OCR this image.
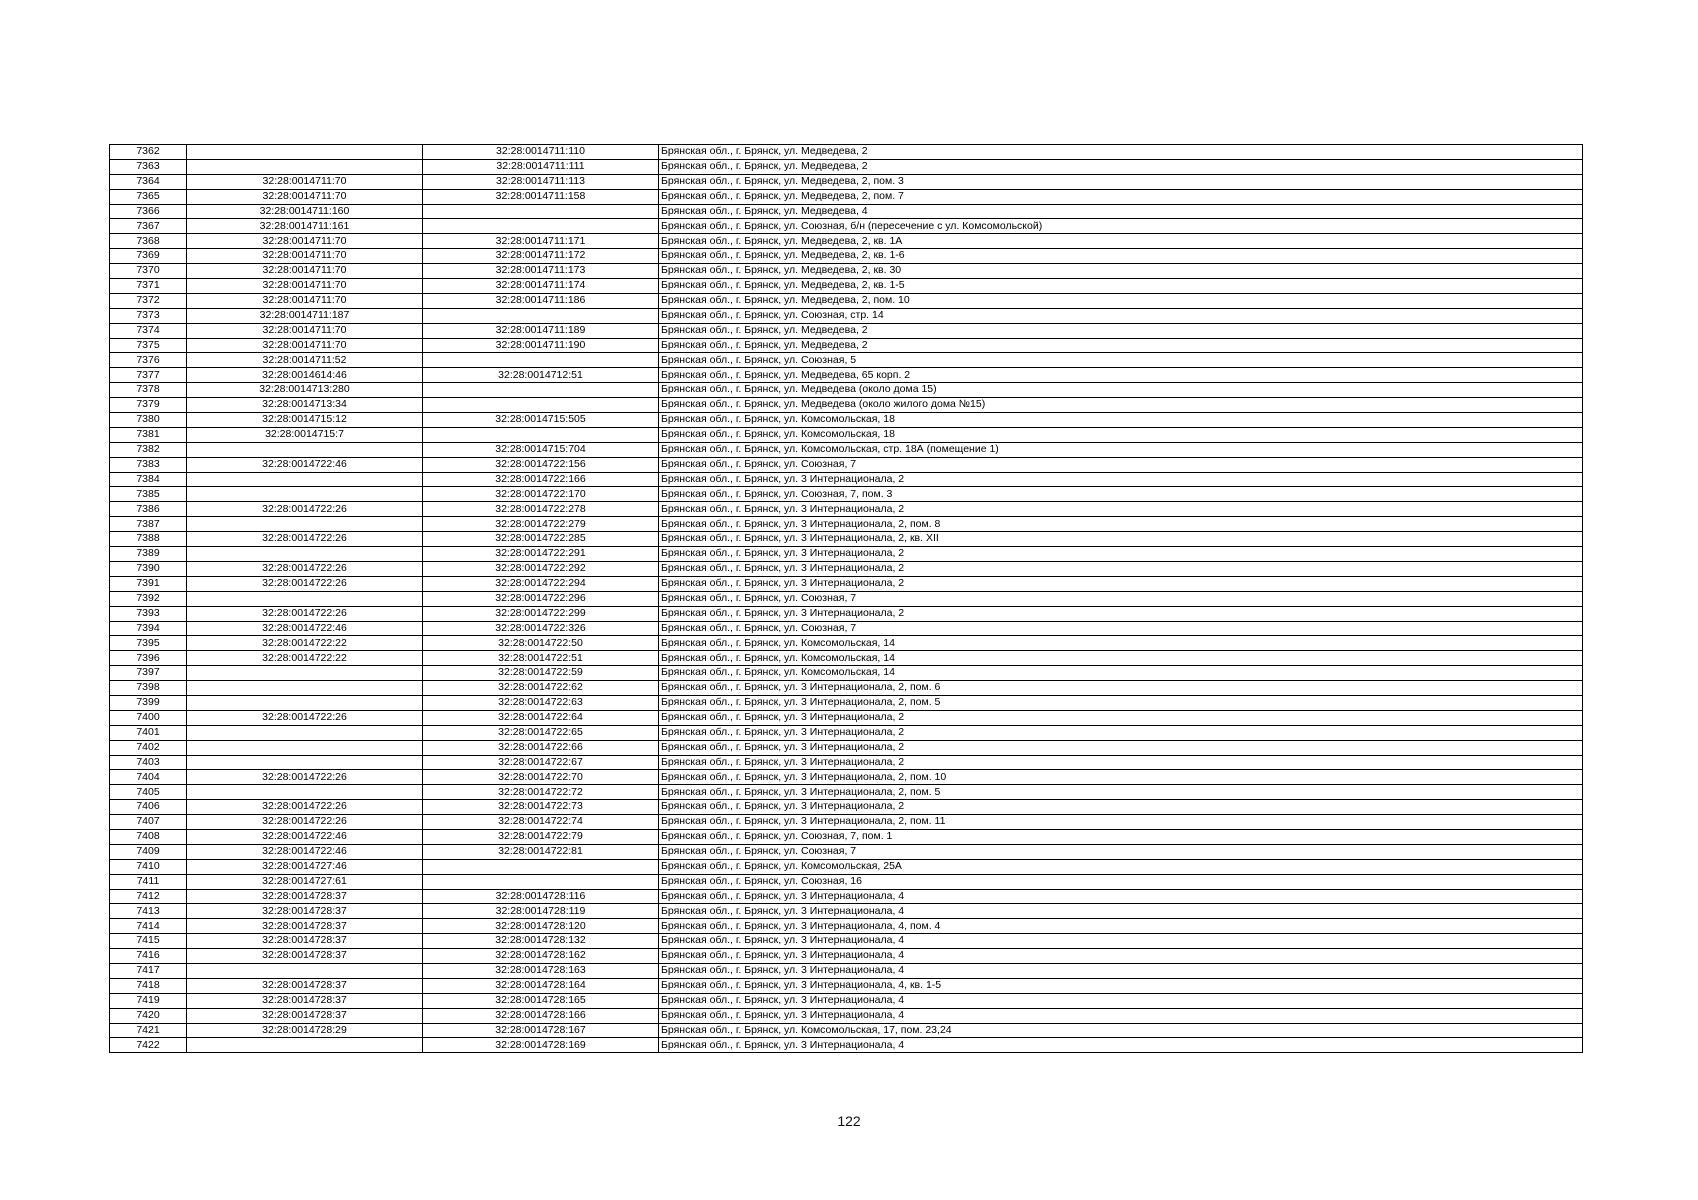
7362		32:28:0014711:110	Брянская обл., г. Брянск, ул. Медведева, 2
7363		32:28:0014711:111	Брянская обл., г. Брянск, ул. Медведева, 2
7364	32:28:0014711:70	32:28:0014711:113	Брянская обл., г. Брянск, ул. Медведева, 2, пом. 3
7365	32:28:0014711:70	32:28:0014711:158	Брянская обл., г. Брянск, ул. Медведева, 2, пом. 7
7366	32:28:0014711:160		Брянская обл., г. Брянск, ул. Медведева, 4
7367	32:28:0014711:161		Брянская обл., г. Брянск, ул. Союзная, б/н (пересечение с ул. Комсомольской)
7368	32:28:0014711:70	32:28:0014711:171	Брянская обл., г. Брянск, ул. Медведева, 2, кв. 1А
7369	32:28:0014711:70	32:28:0014711:172	Брянская обл., г. Брянск, ул. Медведева, 2, кв. 1-6
7370	32:28:0014711:70	32:28:0014711:173	Брянская обл., г. Брянск, ул. Медведева, 2, кв. 30
7371	32:28:0014711:70	32:28:0014711:174	Брянская обл., г. Брянск, ул. Медведева, 2, кв. 1-5
7372	32:28:0014711:70	32:28:0014711:186	Брянская обл., г. Брянск, ул. Медведева, 2, пом. 10
7373	32:28:0014711:187		Брянская обл., г. Брянск, ул. Союзная, стр. 14
7374	32:28:0014711:70	32:28:0014711:189	Брянская обл., г. Брянск, ул. Медведева, 2
7375	32:28:0014711:70	32:28:0014711:190	Брянская обл., г. Брянск, ул. Медведева, 2
7376	32:28:0014711:52		Брянская обл., г. Брянск, ул. Союзная, 5
7377	32:28:0014614:46	32:28:0014712:51	Брянская обл., г. Брянск, ул. Медведева, 65 корп. 2
7378	32:28:0014713:280		Брянская обл., г. Брянск, ул. Медведева (около дома 15)
7379	32:28:0014713:34		Брянская обл., г. Брянск, ул. Медведева (около жилого дома №15)
7380	32:28:0014715:12	32:28:0014715:505	Брянская обл., г. Брянск, ул. Комсомольская, 18
7381	32:28:0014715:7		Брянская обл., г. Брянск, ул. Комсомольская, 18
7382		32:28:0014715:704	Брянская обл., г. Брянск, ул. Комсомольская, стр. 18А (помещение 1)
7383	32:28:0014722:46	32:28:0014722:156	Брянская обл., г. Брянск, ул. Союзная, 7
7384		32:28:0014722:166	Брянская обл., г. Брянск, ул. 3 Интернационала, 2
7385		32:28:0014722:170	Брянская обл., г. Брянск, ул. Союзная, 7, пом. 3
7386	32:28:0014722:26	32:28:0014722:278	Брянская обл., г. Брянск, ул. 3 Интернационала, 2
7387		32:28:0014722:279	Брянская обл., г. Брянск, ул. 3 Интернационала, 2, пом. 8
7388	32:28:0014722:26	32:28:0014722:285	Брянская обл., г. Брянск, ул. 3 Интернационала, 2, кв. XII
7389		32:28:0014722:291	Брянская обл., г. Брянск, ул. 3 Интернационала, 2
7390	32:28:0014722:26	32:28:0014722:292	Брянская обл., г. Брянск, ул. 3 Интернационала, 2
7391	32:28:0014722:26	32:28:0014722:294	Брянская обл., г. Брянск, ул. 3 Интернационала, 2
7392		32:28:0014722:296	Брянская обл., г. Брянск, ул. Союзная, 7
7393	32:28:0014722:26	32:28:0014722:299	Брянская обл., г. Брянск, ул. 3 Интернационала, 2
7394	32:28:0014722:46	32:28:0014722:326	Брянская обл., г. Брянск, ул. Союзная, 7
7395	32:28:0014722:22	32:28:0014722:50	Брянская обл., г. Брянск, ул. Комсомольская, 14
7396	32:28:0014722:22	32:28:0014722:51	Брянская обл., г. Брянск, ул. Комсомольская, 14
7397		32:28:0014722:59	Брянская обл., г. Брянск, ул. Комсомольская, 14
7398		32:28:0014722:62	Брянская обл., г. Брянск, ул. 3 Интернационала, 2, пом. 6
7399		32:28:0014722:63	Брянская обл., г. Брянск, ул. 3 Интернационала, 2, пом. 5
7400	32:28:0014722:26	32:28:0014722:64	Брянская обл., г. Брянск, ул. 3 Интернационала, 2
7401		32:28:0014722:65	Брянская обл., г. Брянск, ул. 3 Интернационала, 2
7402		32:28:0014722:66	Брянская обл., г. Брянск, ул. 3 Интернационала, 2
7403		32:28:0014722:67	Брянская обл., г. Брянск, ул. 3 Интернационала, 2
7404	32:28:0014722:26	32:28:0014722:70	Брянская обл., г. Брянск, ул. 3 Интернационала, 2, пом. 10
7405		32:28:0014722:72	Брянская обл., г. Брянск, ул. 3 Интернационала, 2, пом. 5
7406	32:28:0014722:26	32:28:0014722:73	Брянская обл., г. Брянск, ул. 3 Интернационала, 2
7407	32:28:0014722:26	32:28:0014722:74	Брянская обл., г. Брянск, ул. 3 Интернационала, 2, пом. 11
7408	32:28:0014722:46	32:28:0014722:79	Брянская обл., г. Брянск, ул. Союзная, 7, пом. 1
7409	32:28:0014722:46	32:28:0014722:81	Брянская обл., г. Брянск, ул. Союзная, 7
7410	32:28:0014727:46		Брянская обл., г. Брянск, ул. Комсомольская, 25А
7411	32:28:0014727:61		Брянская обл., г. Брянск, ул. Союзная, 16
7412	32:28:0014728:37	32:28:0014728:116	Брянская обл., г. Брянск, ул. 3 Интернационала, 4
7413	32:28:0014728:37	32:28:0014728:119	Брянская обл., г. Брянск, ул. 3 Интернационала, 4
7414	32:28:0014728:37	32:28:0014728:120	Брянская обл., г. Брянск, ул. 3 Интернационала, 4, пом. 4
7415	32:28:0014728:37	32:28:0014728:132	Брянская обл., г. Брянск, ул. 3 Интернационала, 4
7416	32:28:0014728:37	32:28:0014728:162	Брянская обл., г. Брянск, ул. 3 Интернационала, 4
7417		32:28:0014728:163	Брянская обл., г. Брянск, ул. 3 Интернационала, 4
7418	32:28:0014728:37	32:28:0014728:164	Брянская обл., г. Брянск, ул. 3 Интернационала, 4, кв. 1-5
7419	32:28:0014728:37	32:28:0014728:165	Брянская обл., г. Брянск, ул. 3 Интернационала, 4
7420	32:28:0014728:37	32:28:0014728:166	Брянская обл., г. Брянск, ул. 3 Интернационала, 4
7421	32:28:0014728:29	32:28:0014728:167	Брянская обл., г. Брянск, ул. Комсомольская, 17, пом. 23,24
7422		32:28:0014728:169	Брянская обл., г. Брянск, ул. 3 Интернационала, 4
122
